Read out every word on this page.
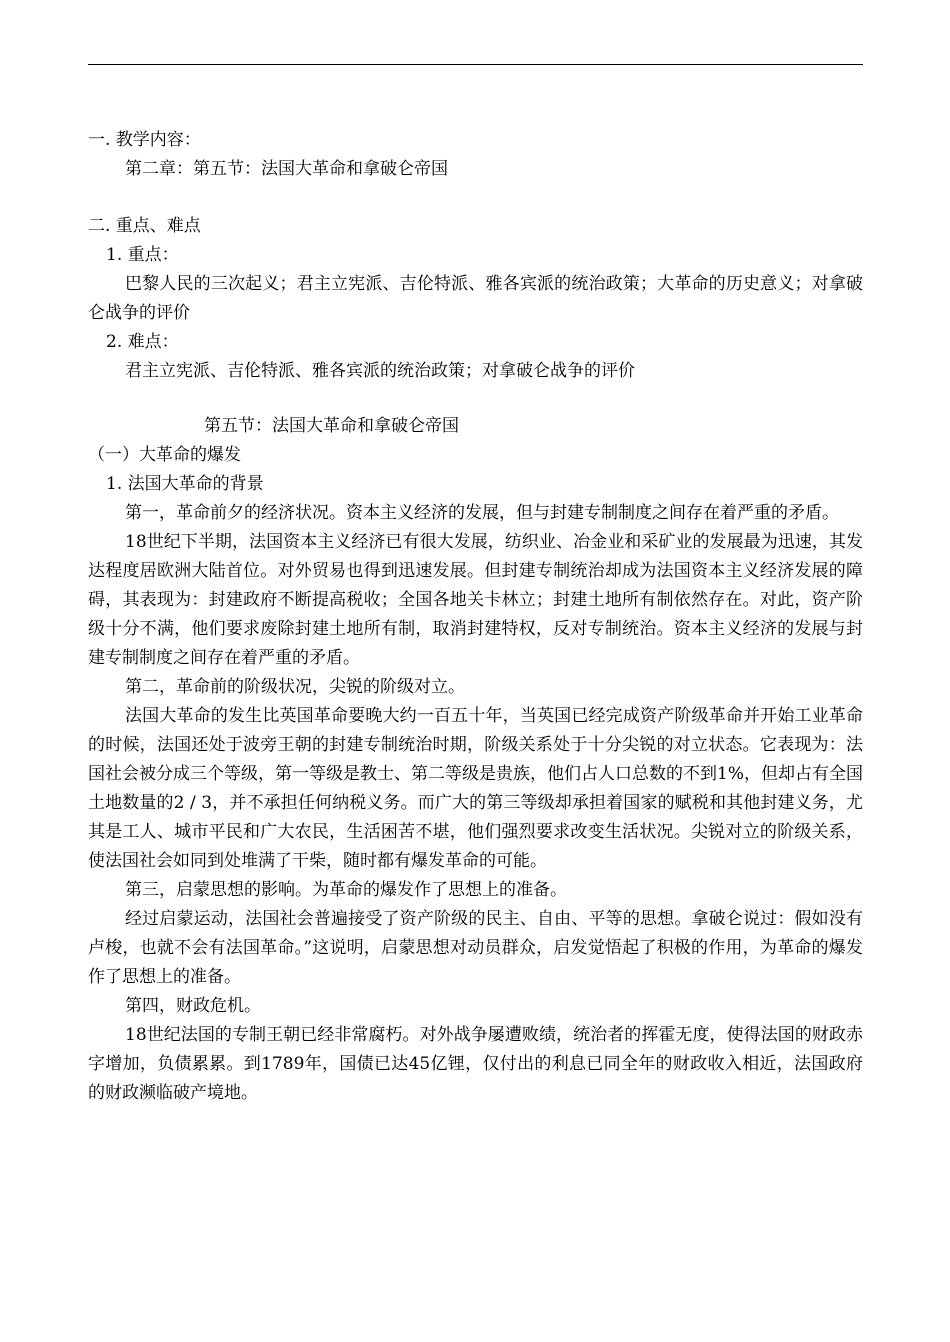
一. 教学内容：

第二章：第五节：法国大革命和拿破仑帝国

二. 重点、难点

1. 重点：

巴黎人民的三次起义；君主立宪派、吉伦特派、雅各宾派的统治政策；大革命的历史意义；对拿破仑战争的评价

2. 难点：

君主立宪派、吉伦特派、雅各宾派的统治政策；对拿破仑战争的评价

第五节：法国大革命和拿破仑帝国

（一）大革命的爆发

1. 法国大革命的背景

第一，革命前夕的经济状况。资本主义经济的发展，但与封建专制制度之间存在着严重的矛盾。

18世纪下半期，法国资本主义经济已有很大发展，纺织业、冶金业和采矿业的发展最为迅速，其发达程度居欧洲大陆首位。对外贸易也得到迅速发展。但封建专制统治却成为法国资本主义经济发展的障碍，其表现为：封建政府不断提高税收；全国各地关卡林立；封建土地所有制依然存在。对此，资产阶级十分不满，他们要求废除封建土地所有制，取消封建特权，反对专制统治。资本主义经济的发展与封建专制制度之间存在着严重的矛盾。

第二，革命前的阶级状况，尖锐的阶级对立。

法国大革命的发生比英国革命要晚大约一百五十年，当英国已经完成资产阶级革命并开始工业革命的时候，法国还处于波旁王朝的封建专制统治时期，阶级关系处于十分尖锐的对立状态。它表现为：法国社会被分成三个等级，第一等级是教士、第二等级是贵族，他们占人口总数的不到1%，但却占有全国土地数量的2 / 3，并不承担任何纳税义务。而广大的第三等级却承担着国家的赋税和其他封建义务，尤其是工人、城市平民和广大农民，生活困苦不堪，他们强烈要求改变生活状况。尖锐对立的阶级关系，使法国社会如同到处堆满了干柴，随时都有爆发革命的可能。

第三，启蒙思想的影响。为革命的爆发作了思想上的准备。

经过启蒙运动，法国社会普遍接受了资产阶级的民主、自由、平等的思想。拿破仑说过：假如没有卢梭，也就不会有法国革命。”这说明，启蒙思想对动员群众，启发觉悟起了积极的作用，为革命的爆发作了思想上的准备。

第四，财政危机。

18世纪法国的专制王朝已经非常腐朽。对外战争屡遭败绩，统治者的挥霍无度，使得法国的财政赤字增加，负债累累。到1789年，国债已达45亿锂，仅付出的利息已同全年的财政收入相近，法国政府的财政濒临破产境地。
